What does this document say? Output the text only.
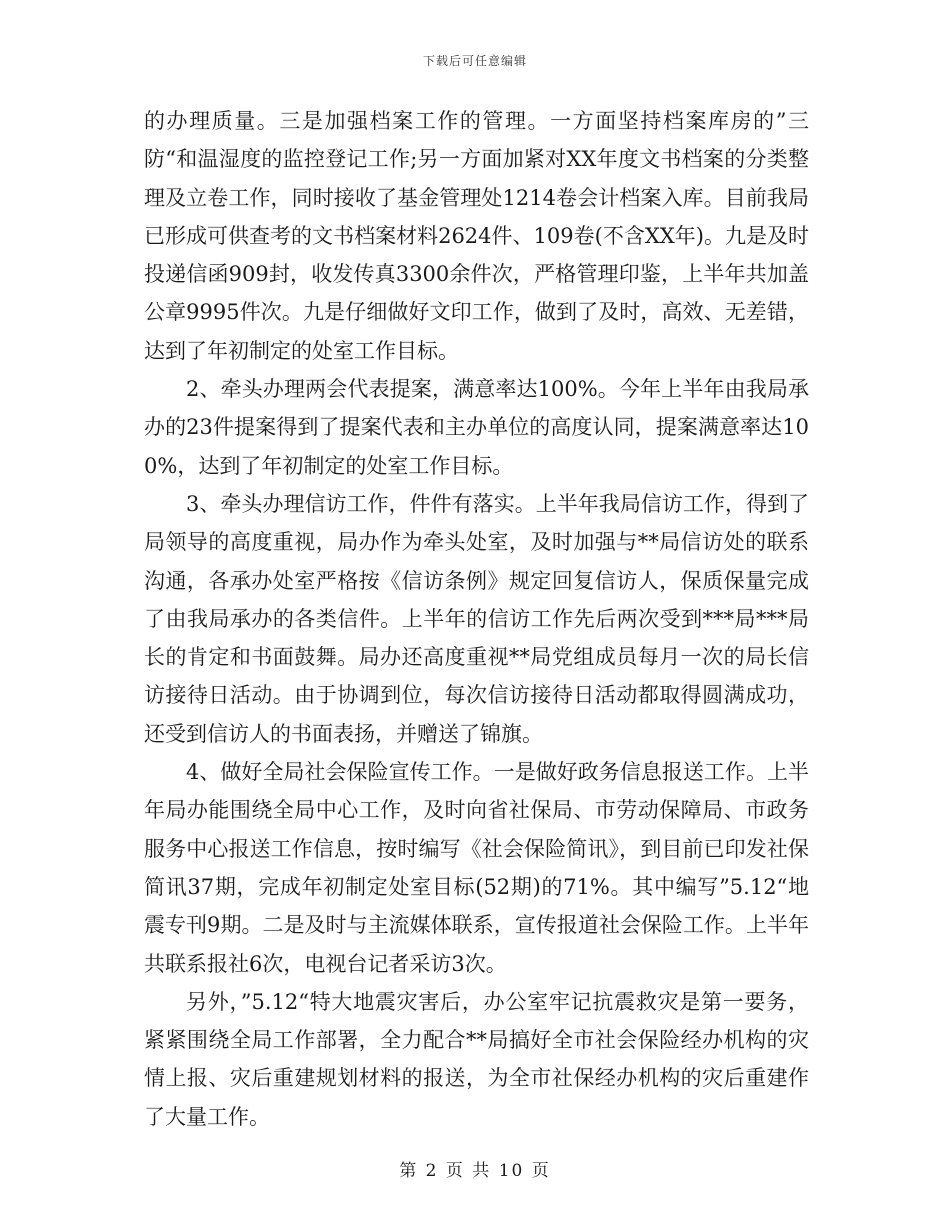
下载后可任意编辑

的办理质量。三是加强档案工作的管理。一方面坚持档案库房的”三防“和温湿度的监控登记工作;另一方面加紧对XX年度文书档案的分类整理及立卷工作，同时接收了基金管理处1214卷会计档案入库。目前我局已形成可供查考的文书档案材料2624件、109卷(不含XX年)。九是及时投递信函909封，收发传真3300余件次，严格管理印鉴，上半年共加盖公章9995件次。九是仔细做好文印工作，做到了及时，高效、无差错，达到了年初制定的处室工作目标。

2、牵头办理两会代表提案，满意率达100%。今年上半年由我局承办的23件提案得到了提案代表和主办单位的高度认同，提案满意率达100%，达到了年初制定的处室工作目标。

3、牵头办理信访工作，件件有落实。上半年我局信访工作，得到了局领导的高度重视，局办作为牵头处室，及时加强与**局信访处的联系沟通，各承办处室严格按《信访条例》规定回复信访人，保质保量完成了由我局承办的各类信件。上半年的信访工作先后两次受到***局***局长的肯定和书面鼓舞。局办还高度重视**局党组成员每月一次的局长信访接待日活动。由于协调到位，每次信访接待日活动都取得圆满成功，还受到信访人的书面表扬，并赠送了锦旗。

4、做好全局社会保险宣传工作。一是做好政务信息报送工作。上半年局办能围绕全局中心工作，及时向省社保局、市劳动保障局、市政务服务中心报送工作信息，按时编写《社会保险简讯》，到目前已印发社保简讯37期，完成年初制定处室目标(52期)的71%。其中编写”5.12“地震专刊9期。二是及时与主流媒体联系，宣传报道社会保险工作。上半年共联系报社6次，电视台记者采访3次。

另外，”5.12“特大地震灾害后，办公室牢记抗震救灾是第一要务，紧紧围绕全局工作部署，全力配合**局搞好全市社会保险经办机构的灾情上报、灾后重建规划材料的报送，为全市社保经办机构的灾后重建作了大量工作。

第 2 页 共 10 页
